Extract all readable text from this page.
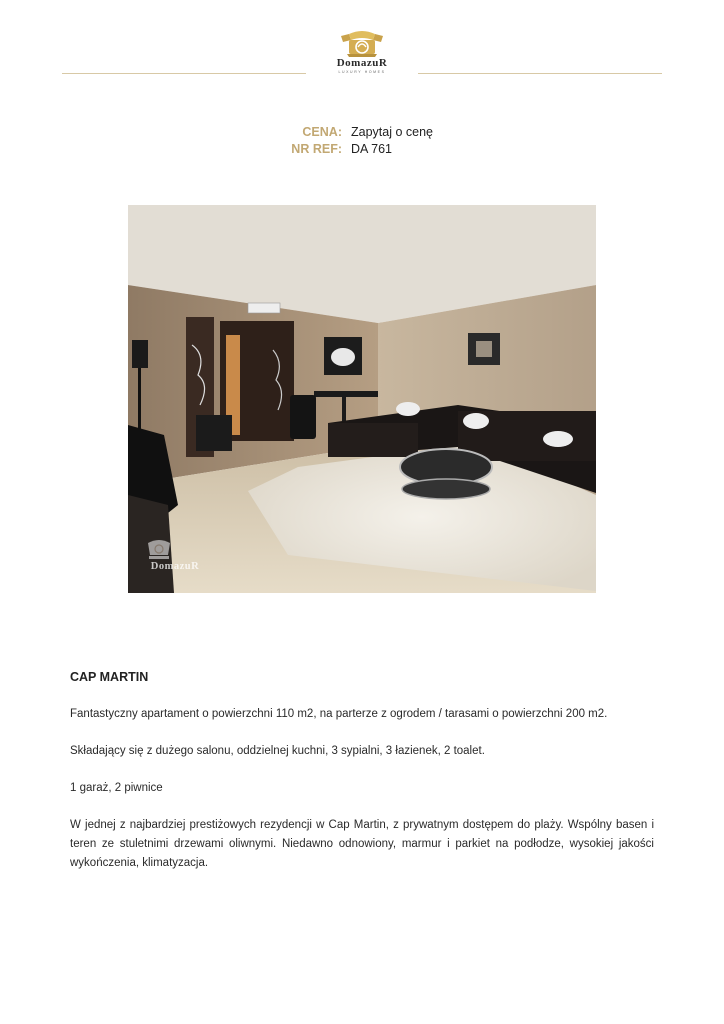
DomazuR
LUXURY HOMES
CENA: Zapytaj o cenę
NR REF: DA 761
DomazuR
CAP MARTIN

Fantastyczny apartament o powierzchni 110 m2, na parterze z ogrodem / tarasami o powierzchni 200 m2.

Składający się z dużego salonu, oddzielnej kuchni, 3 sypialni, 3 łazienek, 2 toalet.

1 garaż, 2 piwnice

W jednej z najbardziej prestiżowych rezydencji w Cap Martin, z prywatnym dostępem do plaży. Wspólny basen i teren ze stuletnimi drzewami oliwnymi. Niedawno odnowiony, marmur i parkiet na podłodze, wysokiej jakości wykończenia, klimatyzacja.
